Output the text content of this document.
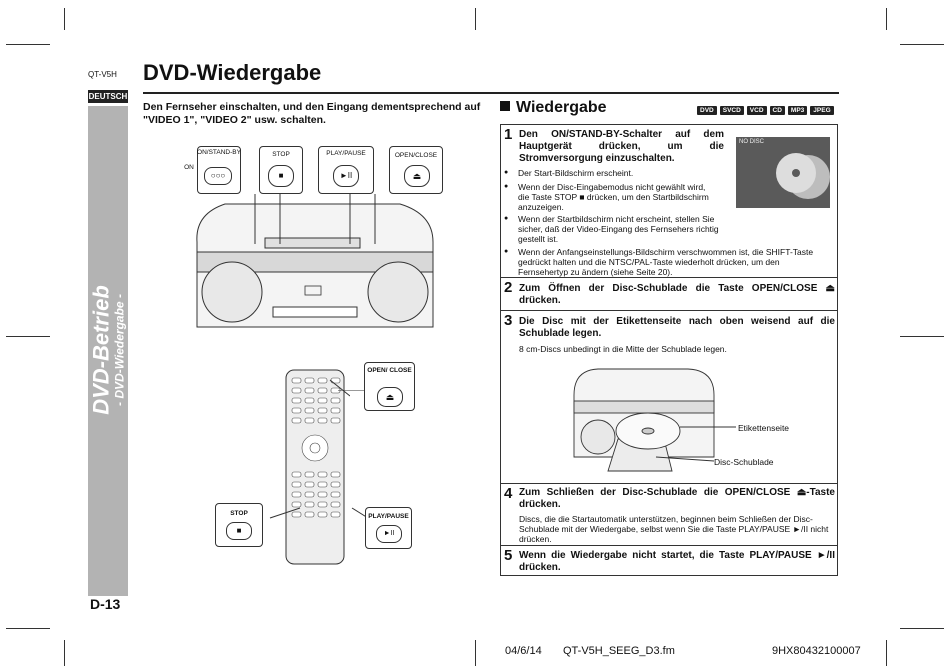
QT-V5H DVD-Wiedergabe
DEUTSCH
DVD-Betrieb - DVD-Wiedergabe -
D-13
Den Fernseher einschalten, und den Eingang dementsprechend auf "VIDEO 1", "VIDEO 2" usw. schalten.
ON/STAND-BY
ON
○○○
STOP
■
PLAY/PAUSE
►II
OPEN/CLOSE
⏏
OPEN/ CLOSE
⏏
STOP
■
PLAY/PAUSE
►II
Wiedergabe	DVD	SVCD	VCD	CD	MP3	JPEG
1 Den ON/STAND-BY-Schalter auf dem Hauptgerät drücken, um die Stromversorgung einzuschalten.
● Der Start-Bildschirm erscheint.
● Wenn der Disc-Eingabemodus nicht gewählt wird, die Taste STOP ■ drücken, um den Startbildschirm anzuzeigen.
● Wenn der Startbildschirm nicht erscheint, stellen Sie sicher, daß der Video-Eingang des Fernsehers richtig gestellt ist.
● Wenn der Anfangseinstellungs-Bildschirm verschwommen ist, die SHIFT-Taste gedrückt halten und die NTSC/PAL-Taste wiederholt drücken, um den Fernsehertyp zu ändern (siehe Seite 20).
NO DISC
2 Zum Öffnen der Disc-Schublade die Taste OPEN/CLOSE ⏏ drücken.
3 Die Disc mit der Etikettenseite nach oben weisend auf die Schublade legen.
8 cm-Discs unbedingt in die Mitte der Schublade legen.
Etikettenseite
Disc-Schublade
4 Zum Schließen der Disc-Schublade die OPEN/CLOSE ⏏-Taste drücken.
Discs, die die Startautomatik unterstützen, beginnen beim Schließen der Disc-Schublade mit der Wiedergabe, selbst wenn Sie die Taste PLAY/PAUSE ►/II nicht drücken.
5 Wenn die Wiedergabe nicht startet, die Taste PLAY/PAUSE ►/II drücken.
04/6/14 QT-V5H_SEEG_D3.fm	9HX80432100007
